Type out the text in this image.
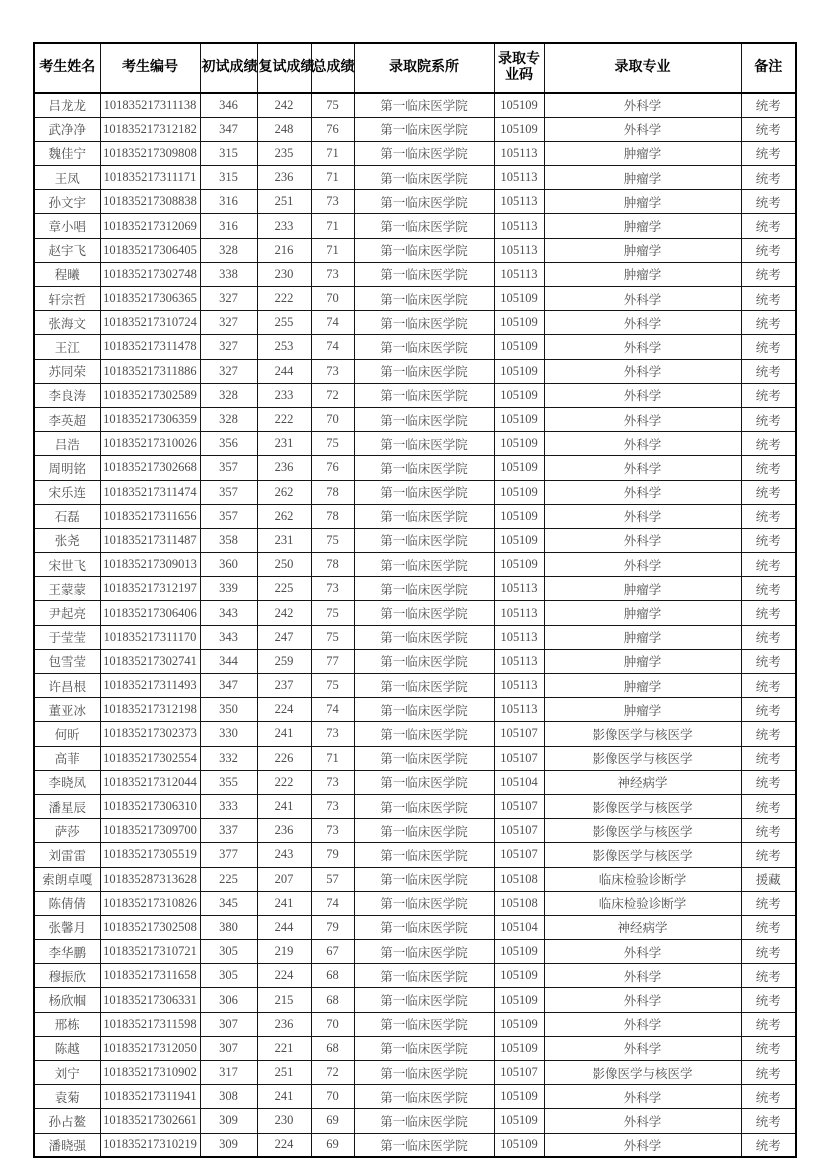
考生姓名	考生编号	初试成绩	复试成绩	总成绩	录取院系所	录取专业码	录取专业	备注
吕龙龙	101835217311138	346	242	75	第一临床医学院	105109	外科学	统考
武净净	101835217312182	347	248	76	第一临床医学院	105109	外科学	统考
魏佳宁	101835217309808	315	235	71	第一临床医学院	105113	肿瘤学	统考
王凤	101835217311171	315	236	71	第一临床医学院	105113	肿瘤学	统考
孙文宇	101835217308838	316	251	73	第一临床医学院	105113	肿瘤学	统考
章小唱	101835217312069	316	233	71	第一临床医学院	105113	肿瘤学	统考
赵宇飞	101835217306405	328	216	71	第一临床医学院	105113	肿瘤学	统考
程曦	101835217302748	338	230	73	第一临床医学院	105113	肿瘤学	统考
轩宗哲	101835217306365	327	222	70	第一临床医学院	105109	外科学	统考
张海文	101835217310724	327	255	74	第一临床医学院	105109	外科学	统考
王江	101835217311478	327	253	74	第一临床医学院	105109	外科学	统考
苏同荣	101835217311886	327	244	73	第一临床医学院	105109	外科学	统考
李良涛	101835217302589	328	233	72	第一临床医学院	105109	外科学	统考
李英超	101835217306359	328	222	70	第一临床医学院	105109	外科学	统考
吕浩	101835217310026	356	231	75	第一临床医学院	105109	外科学	统考
周明铭	101835217302668	357	236	76	第一临床医学院	105109	外科学	统考
宋乐连	101835217311474	357	262	78	第一临床医学院	105109	外科学	统考
石磊	101835217311656	357	262	78	第一临床医学院	105109	外科学	统考
张尧	101835217311487	358	231	75	第一临床医学院	105109	外科学	统考
宋世飞	101835217309013	360	250	78	第一临床医学院	105109	外科学	统考
王蒙蒙	101835217312197	339	225	73	第一临床医学院	105113	肿瘤学	统考
尹起亮	101835217306406	343	242	75	第一临床医学院	105113	肿瘤学	统考
于莹莹	101835217311170	343	247	75	第一临床医学院	105113	肿瘤学	统考
包雪莹	101835217302741	344	259	77	第一临床医学院	105113	肿瘤学	统考
许昌根	101835217311493	347	237	75	第一临床医学院	105113	肿瘤学	统考
董亚冰	101835217312198	350	224	74	第一临床医学院	105113	肿瘤学	统考
何昕	101835217302373	330	241	73	第一临床医学院	105107	影像医学与核医学	统考
高菲	101835217302554	332	226	71	第一临床医学院	105107	影像医学与核医学	统考
李晓凤	101835217312044	355	222	73	第一临床医学院	105104	神经病学	统考
潘星辰	101835217306310	333	241	73	第一临床医学院	105107	影像医学与核医学	统考
萨莎	101835217309700	337	236	73	第一临床医学院	105107	影像医学与核医学	统考
刘雷雷	101835217305519	377	243	79	第一临床医学院	105107	影像医学与核医学	统考
索朗卓嘎	101835287313628	225	207	57	第一临床医学院	105108	临床检验诊断学	援藏
陈倩倩	101835217310826	345	241	74	第一临床医学院	105108	临床检验诊断学	统考
张馨月	101835217302508	380	244	79	第一临床医学院	105104	神经病学	统考
李华鹏	101835217310721	305	219	67	第一临床医学院	105109	外科学	统考
穆振欣	101835217311658	305	224	68	第一临床医学院	105109	外科学	统考
杨欣帼	101835217306331	306	215	68	第一临床医学院	105109	外科学	统考
邢栋	101835217311598	307	236	70	第一临床医学院	105109	外科学	统考
陈越	101835217312050	307	221	68	第一临床医学院	105109	外科学	统考
刘宁	101835217310902	317	251	72	第一临床医学院	105107	影像医学与核医学	统考
袁菊	101835217311941	308	241	70	第一临床医学院	105109	外科学	统考
孙占鳌	101835217302661	309	230	69	第一临床医学院	105109	外科学	统考
潘晓强	101835217310219	309	224	69	第一临床医学院	105109	外科学	统考
